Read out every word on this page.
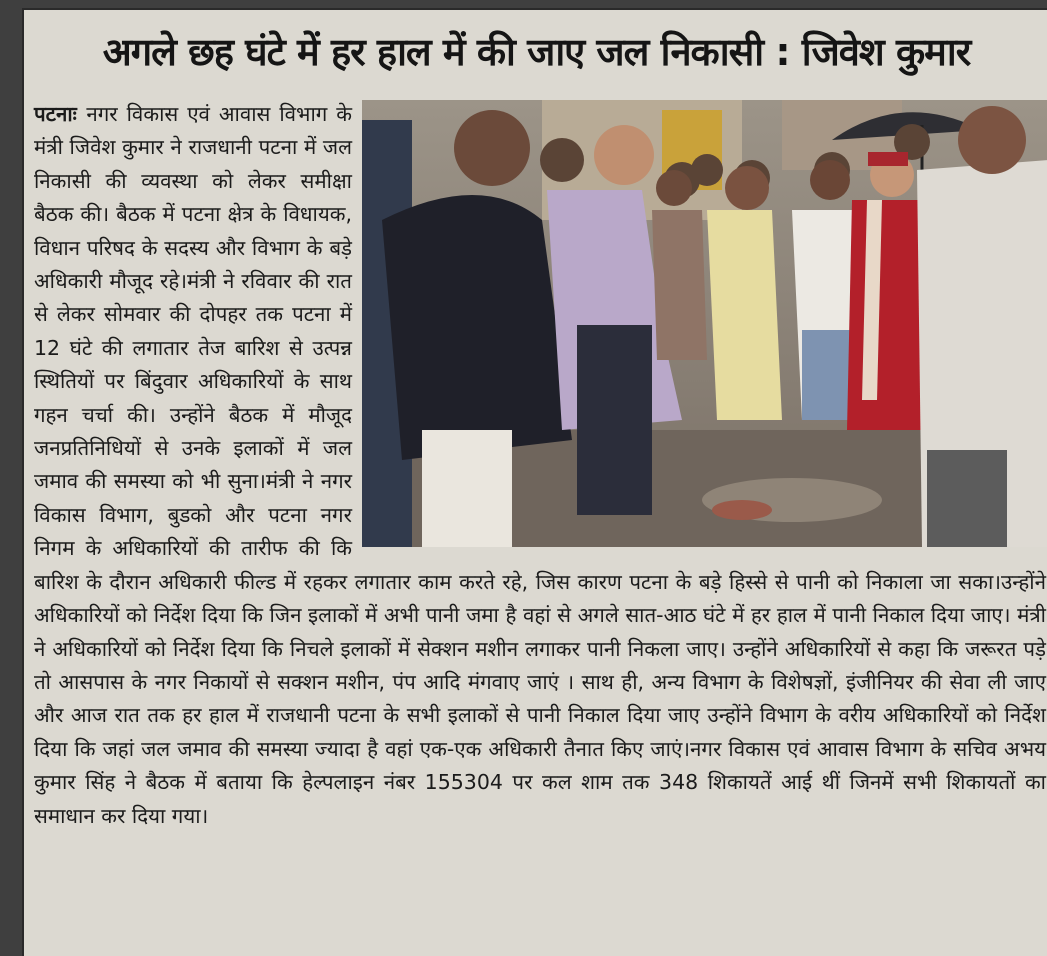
अगले छह घंटे में हर हाल में की जाए जल निकासी : जिवेश कुमार
पटनाः नगर विकास एवं आवास विभाग के मंत्री जिवेश कुमार ने राजधानी पटना में जल निकासी की व्यवस्था को लेकर समीक्षा बैठक की। बैठक में पटना क्षेत्र के विधायक, विधान परिषद के सदस्य और विभाग के बड़े अधिकारी मौजूद रहे।मंत्री ने रविवार की रात से लेकर सोमवार की दोपहर तक पटना में 12 घंटे की लगातार तेज बारिश से उत्पन्न स्थितियों पर बिंदुवार अधिकारियों के साथ गहन चर्चा की। उन्होंने बैठक में मौजूद जनप्रतिनिधियों से उनके इलाकों में जल जमाव की समस्या को भी सुना।मंत्री ने नगर विकास विभाग, बुडको और पटना नगर निगम के अधिकारियों की तारीफ की कि बारिश के दौरान अधिकारी फील्ड में रहकर लगातार काम करते रहे, जिस कारण पटना के बड़े हिस्से से पानी को निकाला जा सका।उन्होंने अधिकारियों को निर्देश दिया कि जिन इलाकों में अभी पानी जमा है वहां से अगले सात-आठ घंटे में हर हाल में पानी निकाल दिया जाए। मंत्री ने अधिकारियों को निर्देश दिया कि निचले इलाकों में सेक्शन मशीन लगाकर पानी निकला जाए। उन्होंने अधिकारियों से कहा कि जरूरत पड़े तो आसपास के नगर निकायों से सक्शन मशीन, पंप आदि मंगवाए जाएं । साथ ही, अन्य विभाग के विशेषज्ञों, इंजीनियर की सेवा ली जाए और आज रात तक हर हाल में राजधानी पटना के सभी इलाकों से पानी निकाल दिया जाए उन्होंने विभाग के वरीय अधिकारियों को निर्देश दिया कि जहां जल जमाव की समस्या ज्यादा है वहां एक-एक अधिकारी तैनात किए जाएं।नगर विकास एवं आवास विभाग के सचिव अभय कुमार सिंह ने बैठक में बताया कि हेल्पलाइन नंबर 155304 पर कल शाम तक 348 शिकायतें आई थीं जिनमें सभी शिकायतों का समाधान कर दिया गया।
